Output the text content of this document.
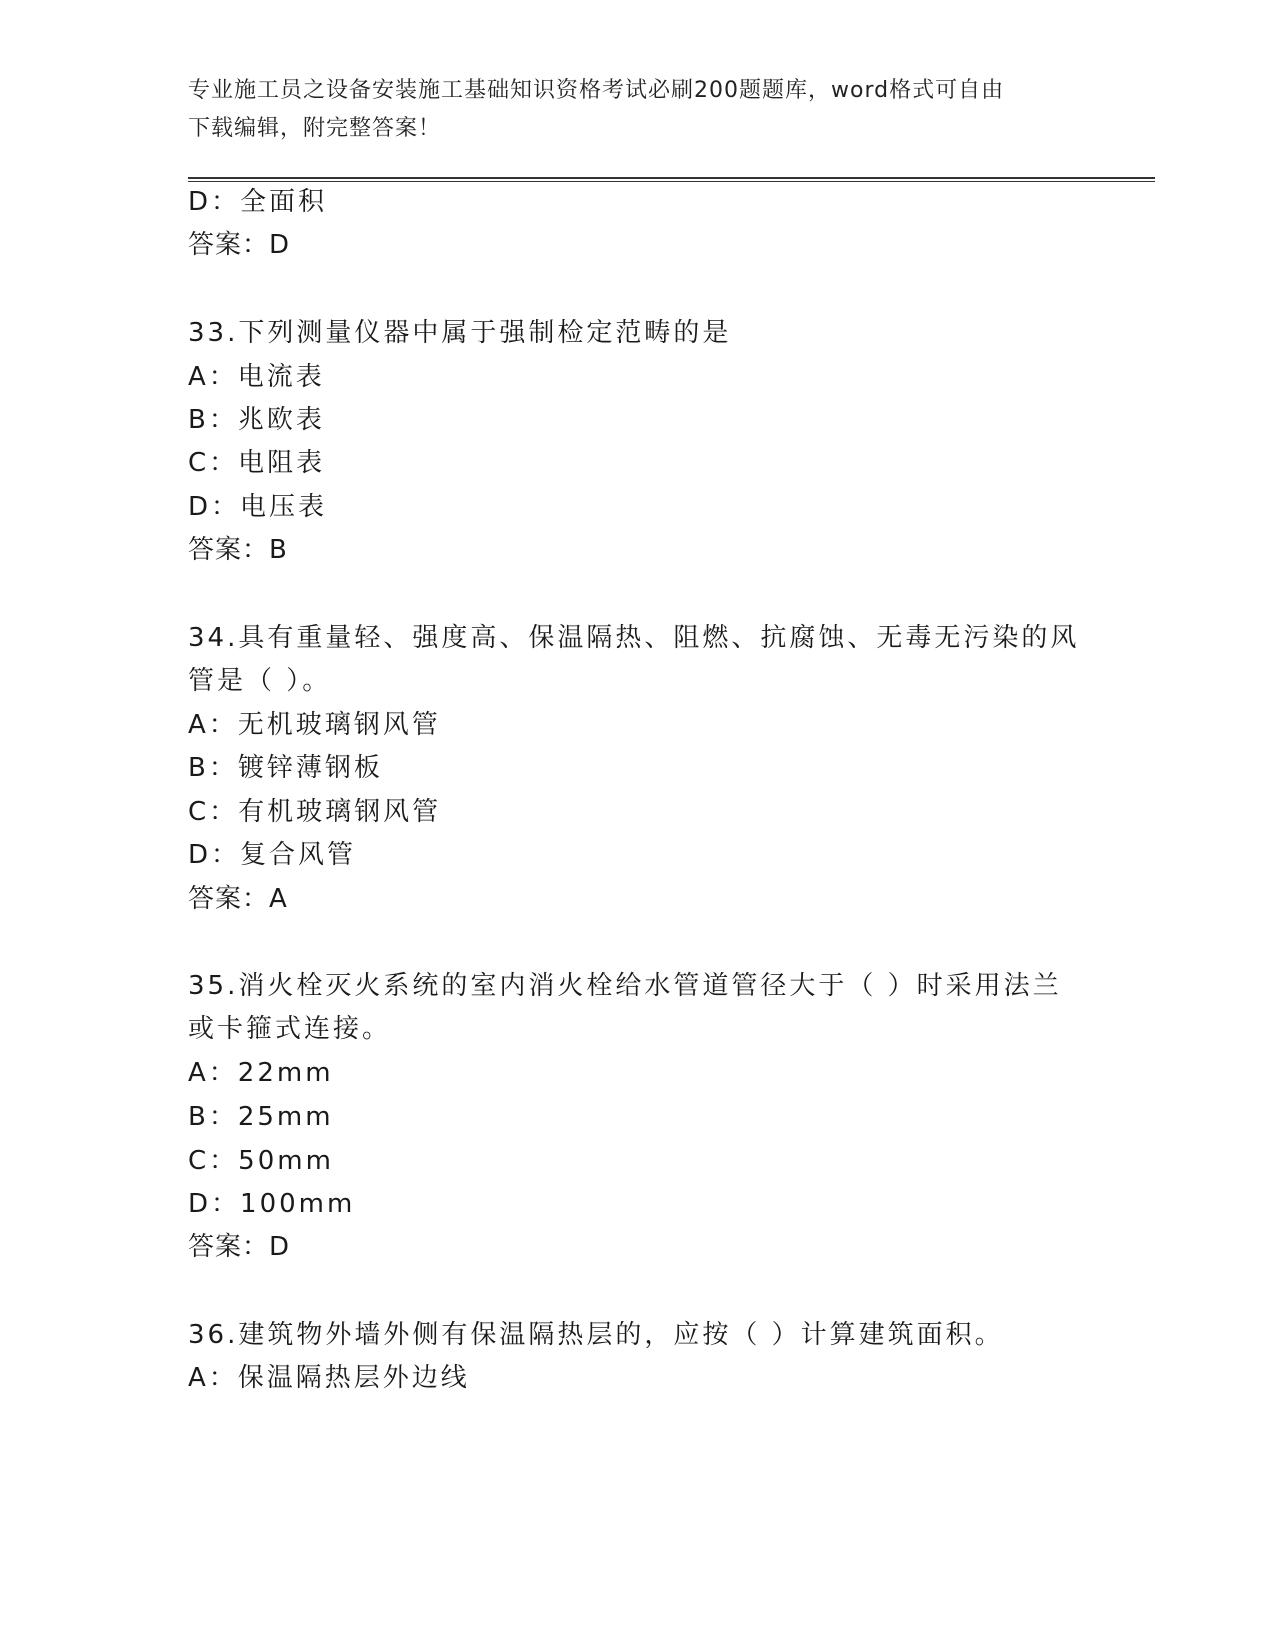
专业施工员之设备安装施工基础知识资格考试必刷200题题库，word格式可自由
下载编辑，附完整答案！
D：全面积
答案：D
33.下列测量仪器中属于强制检定范畴的是
A：电流表
B：兆欧表
C：电阻表
D：电压表
答案：B
34.具有重量轻、强度高、保温隔热、阻燃、抗腐蚀、无毒无污染的风
管是（ ）。
A：无机玻璃钢风管
B：镀锌薄钢板
C：有机玻璃钢风管
D：复合风管
答案：A
35.消火栓灭火系统的室内消火栓给水管道管径大于（ ）时采用法兰
或卡箍式连接。
A：22mm
B：25mm
C：50mm
D：100mm
答案：D
36.建筑物外墙外侧有保温隔热层的，应按（ ）计算建筑面积。
A：保温隔热层外边线
